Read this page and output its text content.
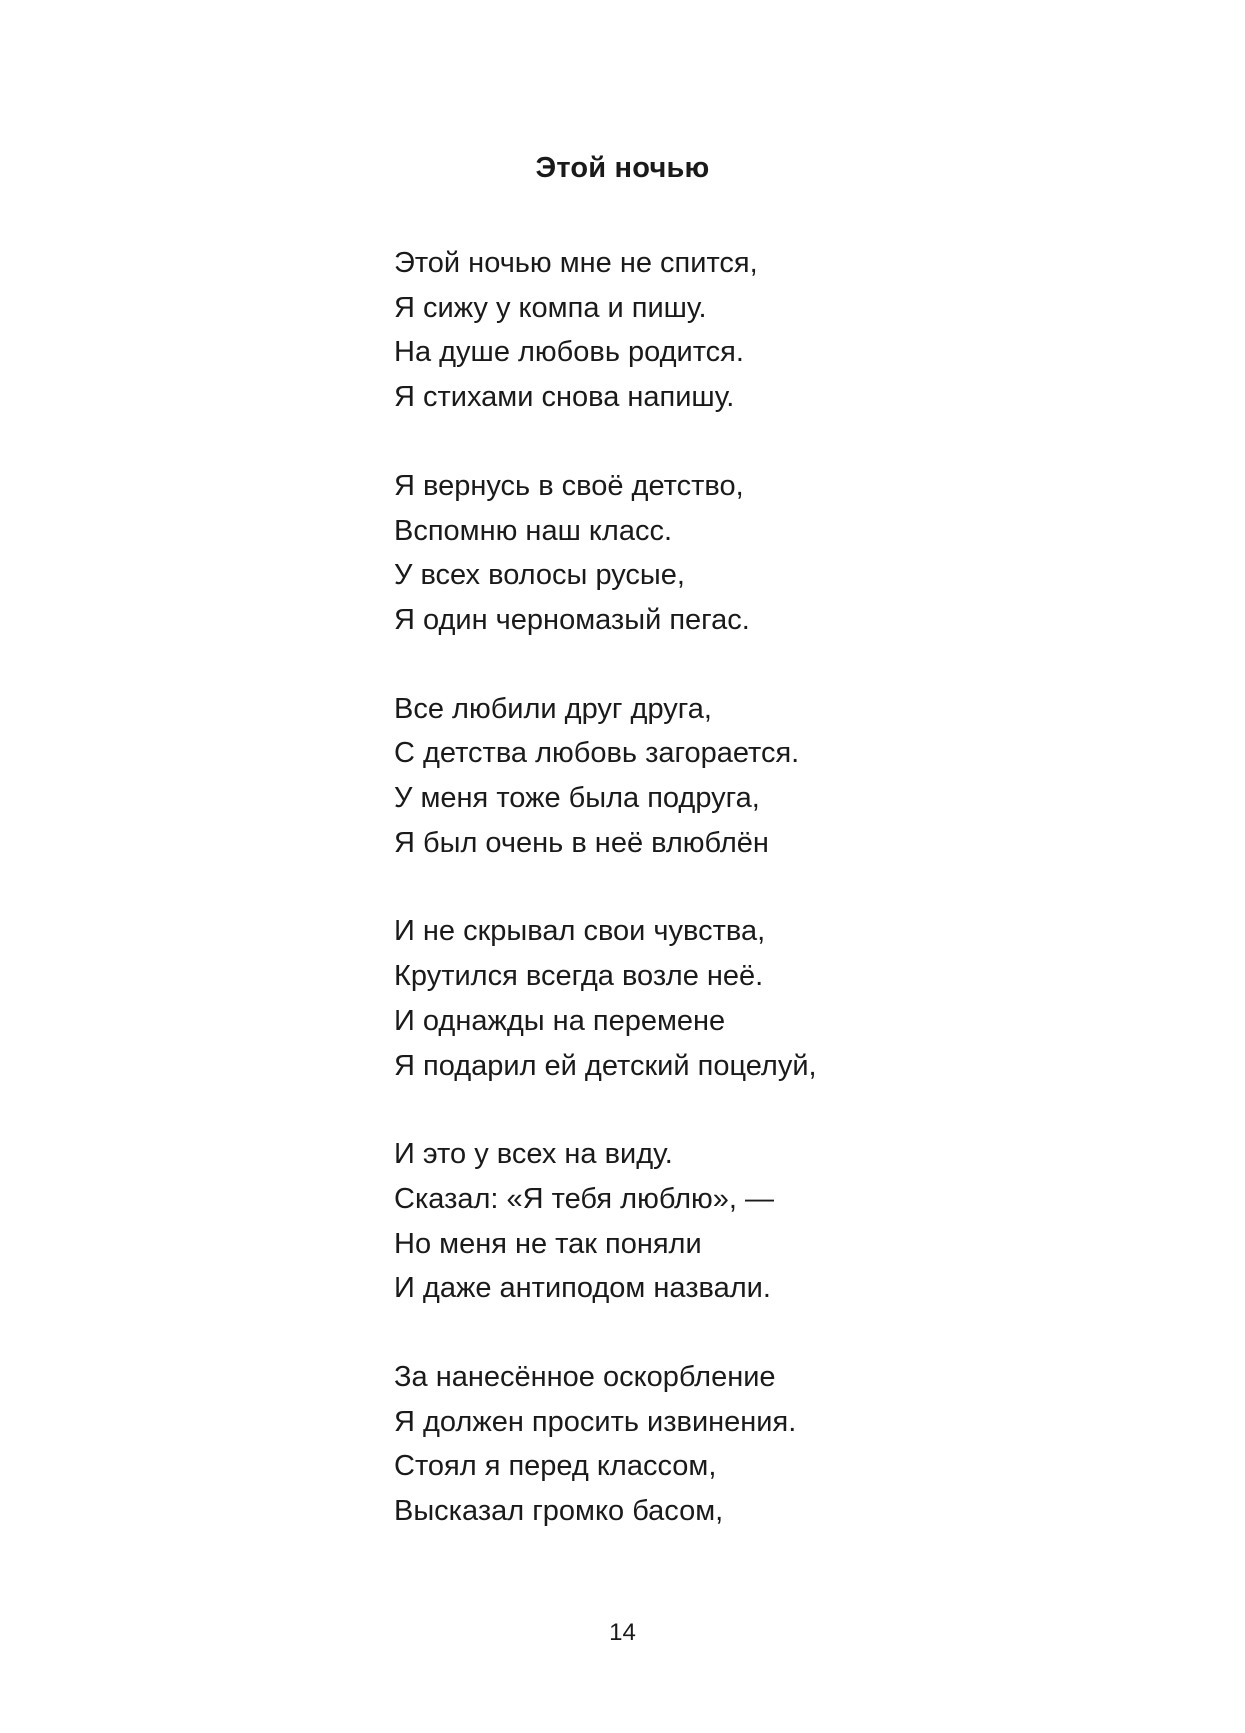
Этой ночью
Этой ночью мне не спится,
Я сижу у компа и пишу.
На душе любовь родится.
Я стихами снова напишу.
Я вернусь в своё детство,
Вспомню наш класс.
У всех волосы русые,
Я один черномазый пегас.
Все любили друг друга,
С детства любовь загорается.
У меня тоже была подруга,
Я был очень в неё влюблён
И не скрывал свои чувства,
Крутился всегда возле неё.
И однажды на перемене
Я подарил ей детский поцелуй,
И это у всех на виду.
Сказал: «Я тебя люблю», —
Но меня не так поняли
И даже антиподом назвали.
За нанесённое оскорбление
Я должен просить извинения.
Стоял я перед классом,
Высказал громко басом,
14
